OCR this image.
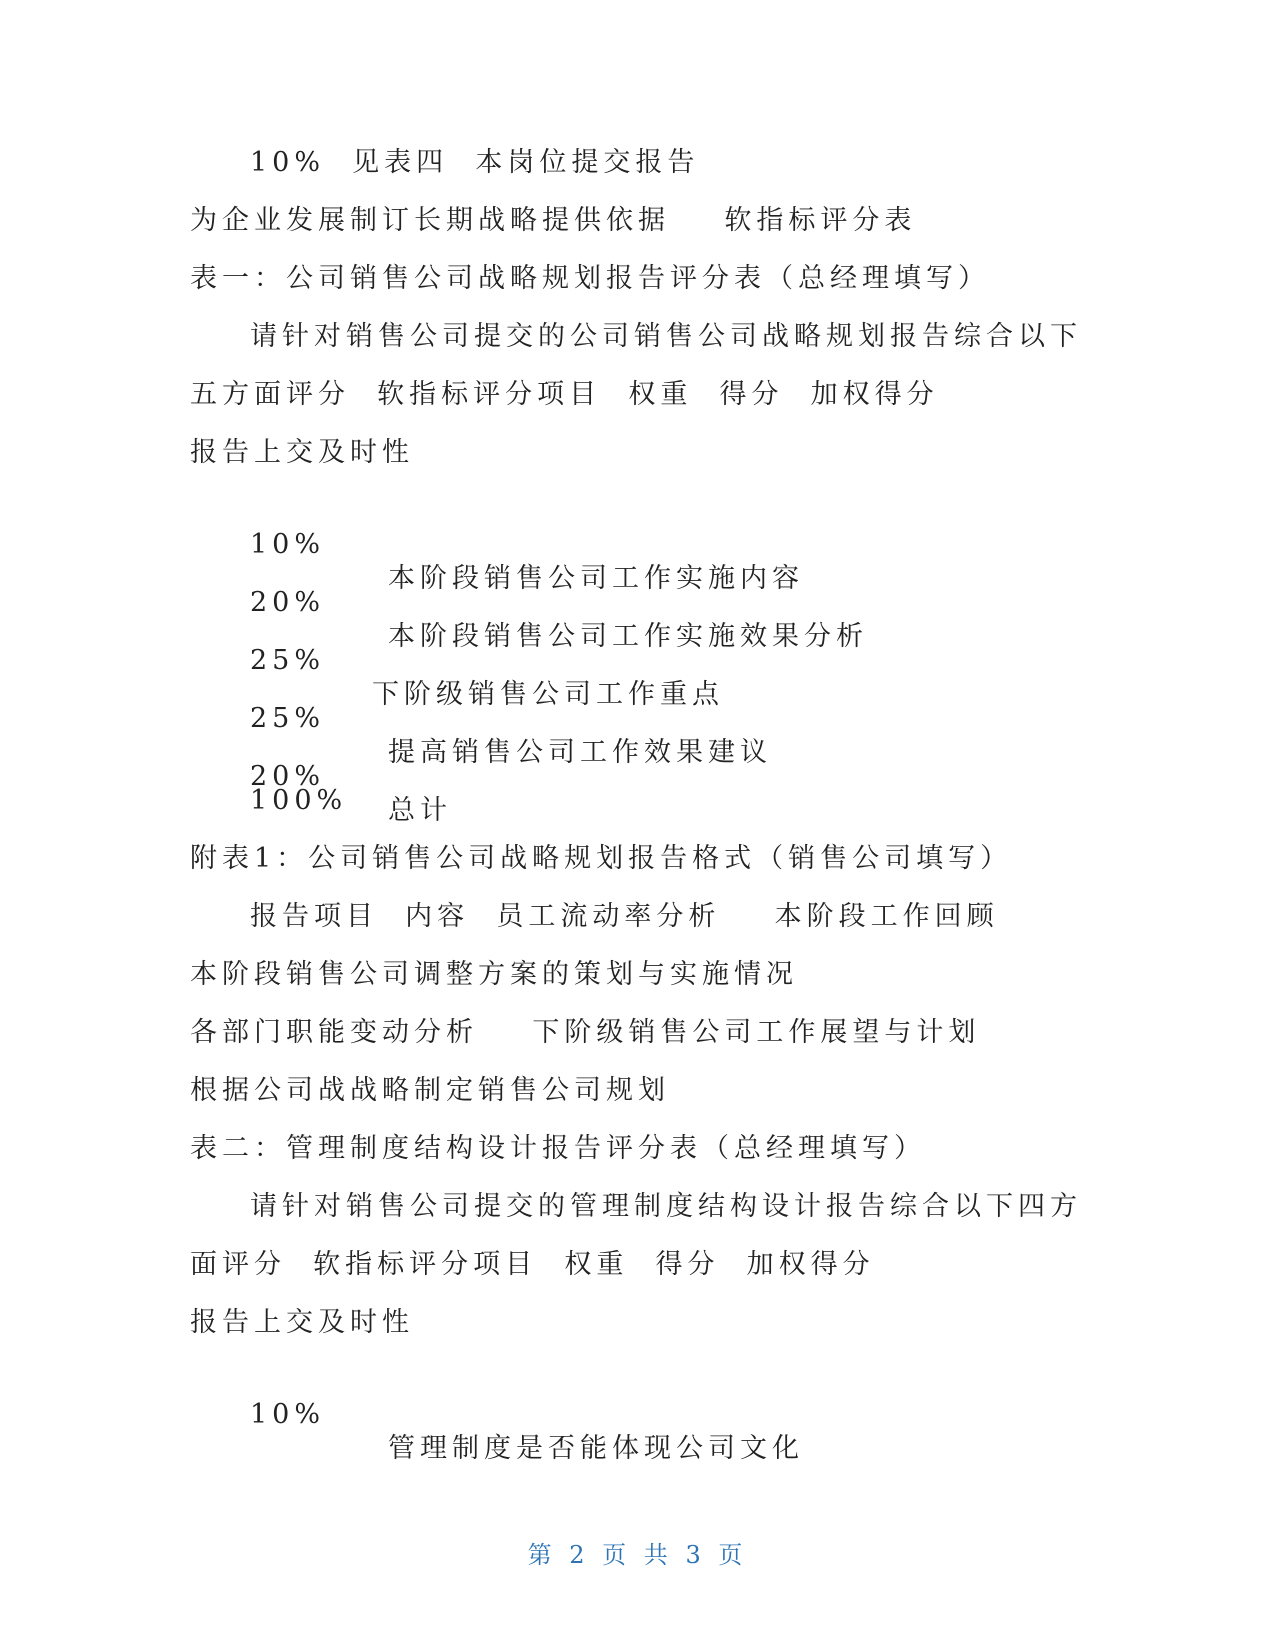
10%  见表四  本岗位提交报告
为企业发展制订长期战略提供依据    软指标评分表
表一：公司销售公司战略规划报告评分表（总经理填写）
请针对销售公司提交的公司销售公司战略规划报告综合以下
五方面评分  软指标评分项目  权重  得分  加权得分
报告上交及时性

10%

本阶段销售公司工作实施内容

20%

本阶段销售公司工作实施效果分析

25%

下阶级销售公司工作重点

25%

提高销售公司工作效果建议

20%

总计

100%
附表1：公司销售公司战略规划报告格式（销售公司填写）
报告项目  内容  员工流动率分析    本阶段工作回顾
本阶段销售公司调整方案的策划与实施情况
各部门职能变动分析    下阶级销售公司工作展望与计划
根据公司战战略制定销售公司规划
表二：管理制度结构设计报告评分表（总经理填写）
请针对销售公司提交的管理制度结构设计报告综合以下四方
面评分  软指标评分项目  权重  得分  加权得分
报告上交及时性

10%

管理制度是否能体现公司文化

第 2 页 共 3 页
